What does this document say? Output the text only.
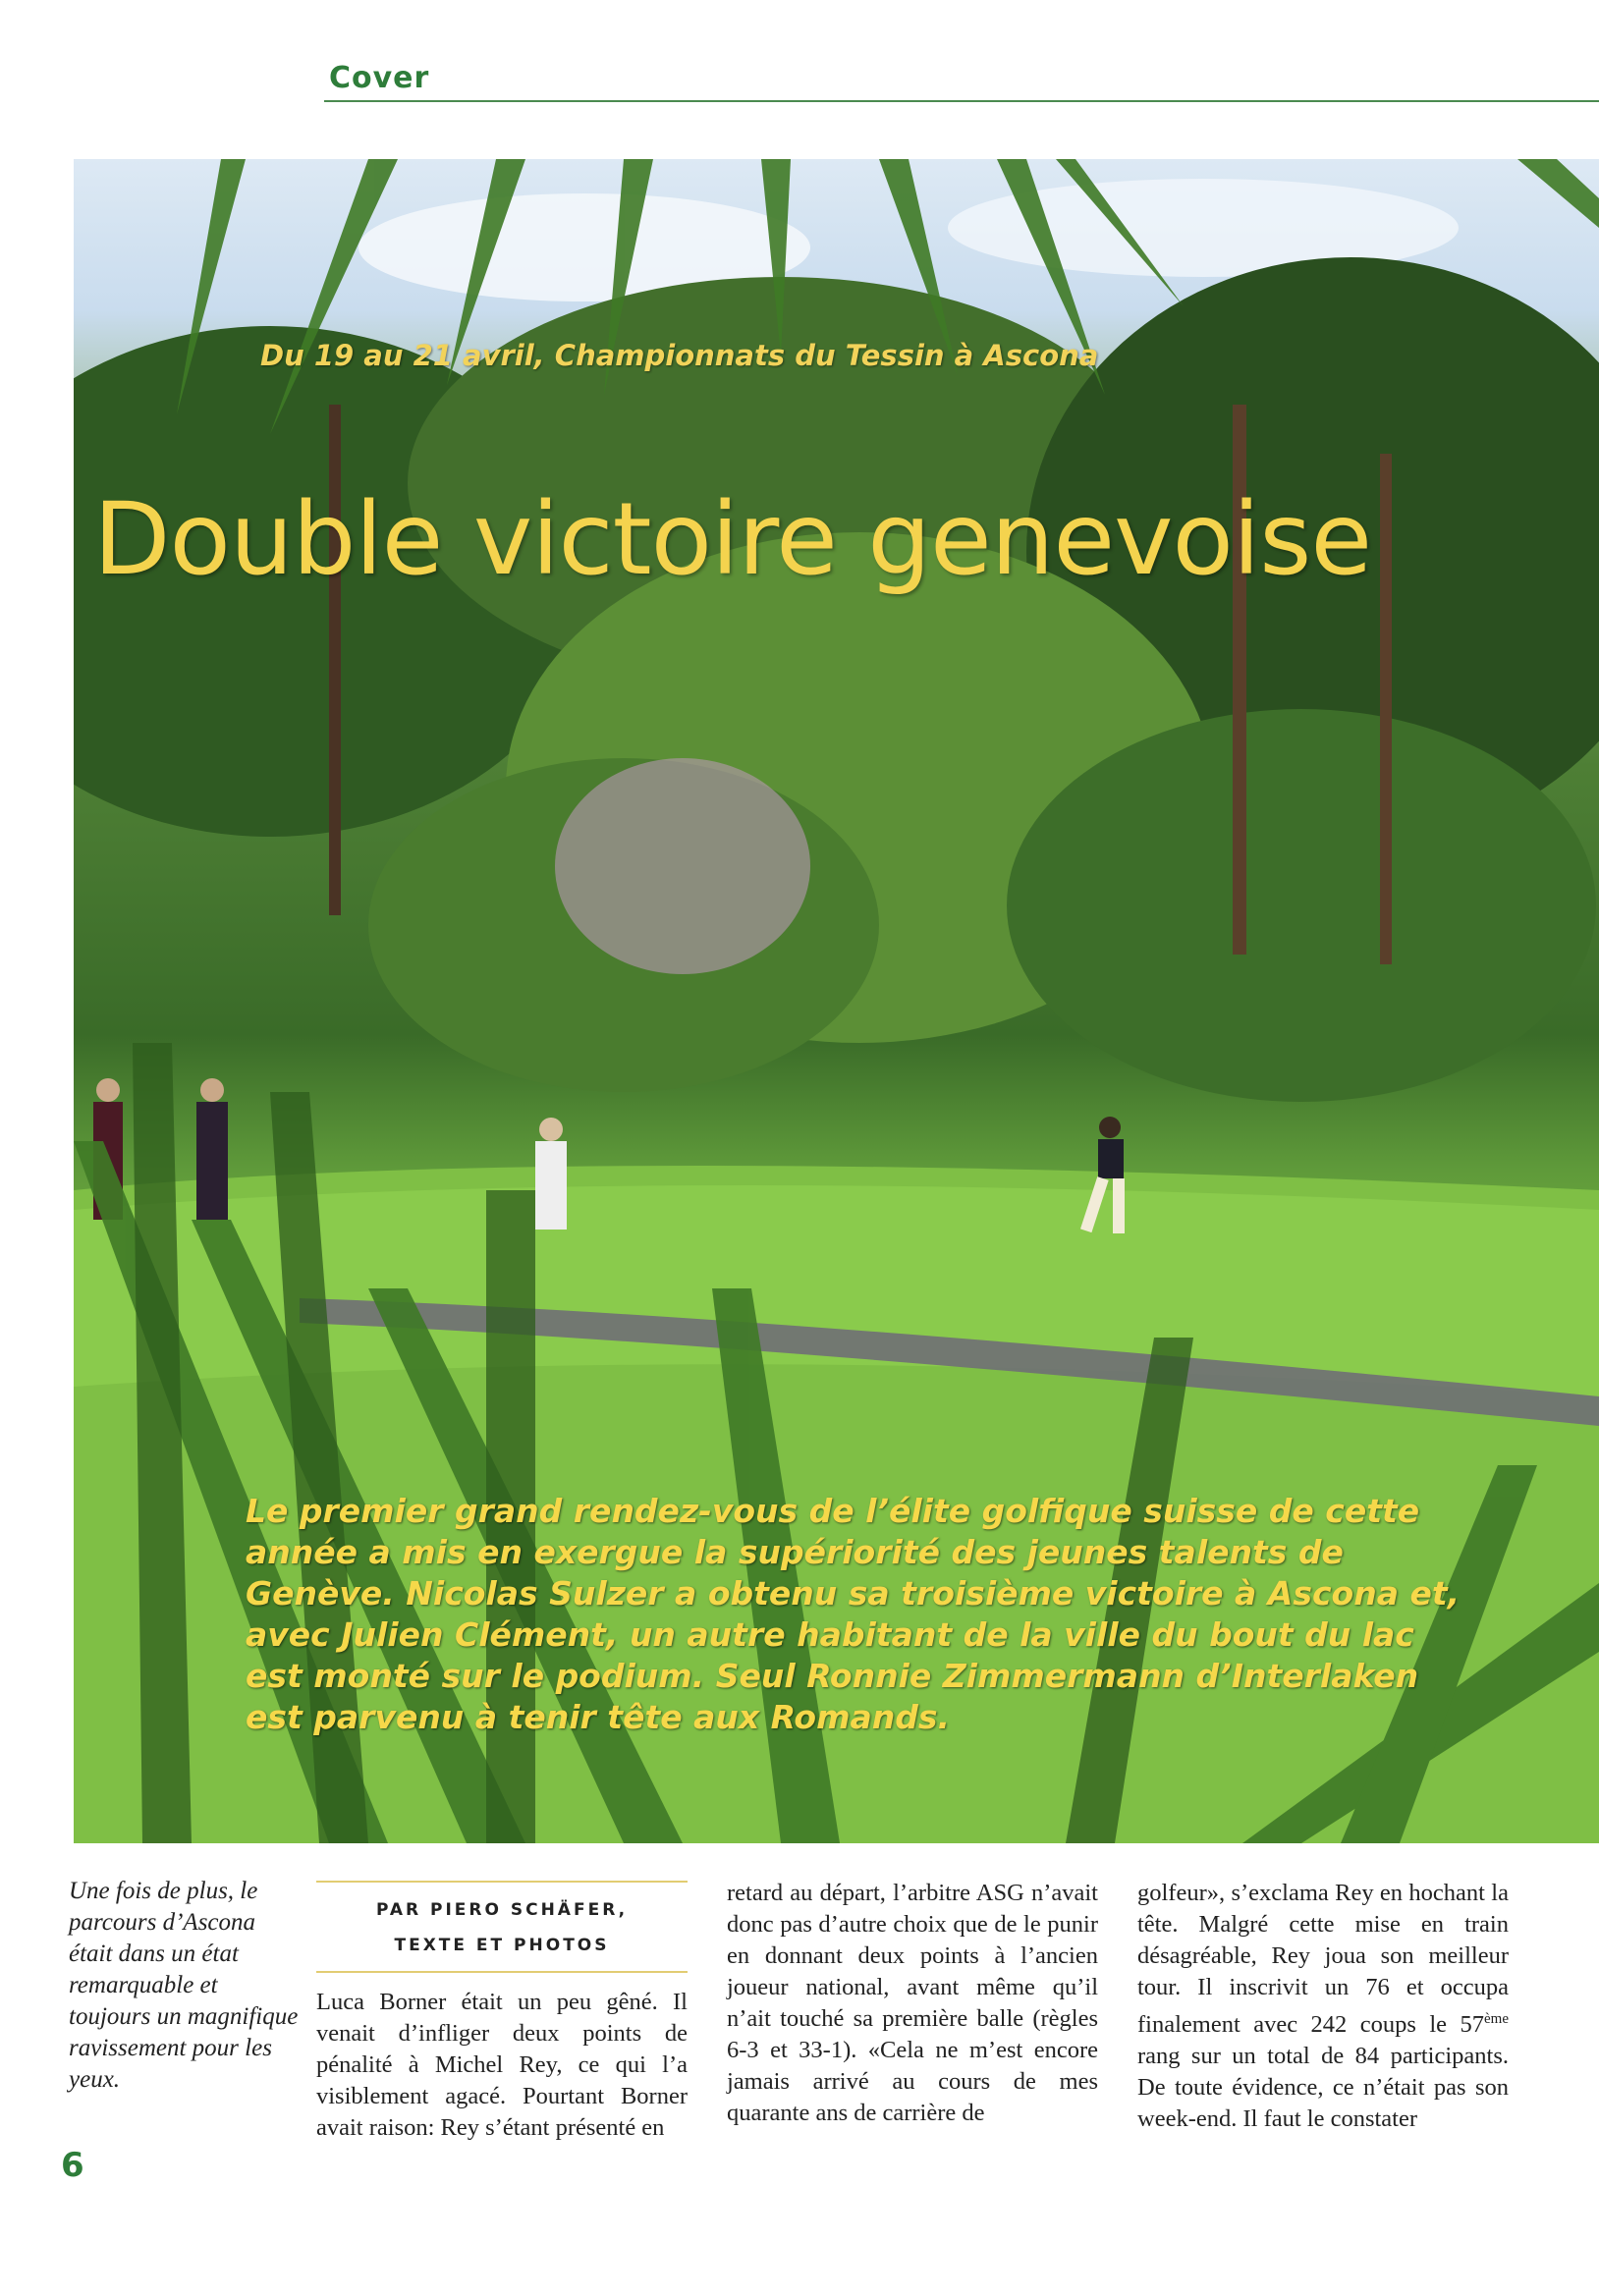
Cover
Du 19 au 21 avril, Championnats du Tessin à Ascona
Double victoire genevoise
Le premier grand rendez-vous de l’élite golfique suisse de cette année a mis en exergue la supériorité des jeunes talents de Genève. Nicolas Sulzer a obtenu sa troisième victoire à Ascona et, avec Julien Clément, un autre habitant de la ville du bout du lac est monté sur le podium. Seul Ronnie Zimmermann d’Interlaken est parvenu à tenir tête aux Romands.
Une fois de plus, le parcours d’Ascona était dans un état remarquable et toujours un magnifique ravissement pour les yeux.
PAR PIERO SCHÄFER,
TEXTE ET PHOTOS

Luca Borner était un peu gêné. Il venait d’infliger deux points de pénalité à Michel Rey, ce qui l’a visiblement agacé. Pourtant Borner avait raison: Rey s’étant présenté en

retard au départ, l’arbitre ASG n’avait donc pas d’autre choix que de le punir en donnant deux points à l’ancien joueur national, avant même qu’il n’ait touché sa première balle (règles 6-3 et 33-1). «Cela ne m’est encore jamais arrivé au cours de mes quarante ans de carrière de

golfeur», s’exclama Rey en hochant la tête. Malgré cette mise en train désagréable, Rey joua son meilleur tour. Il inscrivit un 76 et occupa finalement avec 242 coups le 57ème rang sur un total de 84 participants. De toute évidence, ce n’était pas son week-end. Il faut le constater

6
